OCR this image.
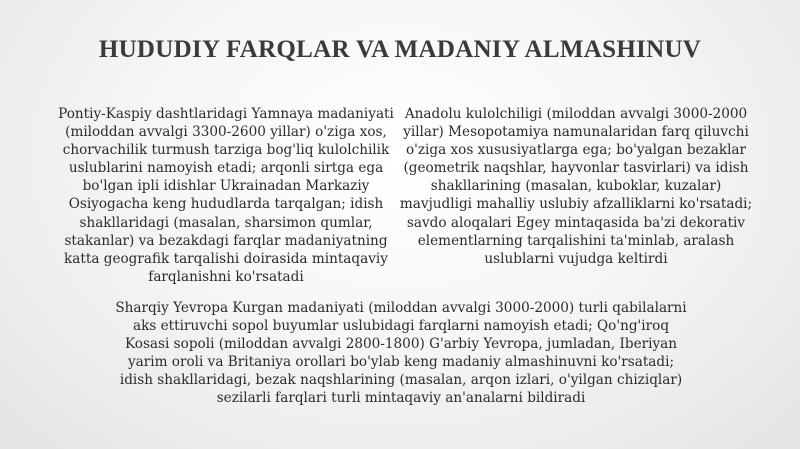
HUDUDIY FARQLAR VA MADANIY ALMASHINUV

Pontiy-Kaspiy dashtlaridagi Yamnaya madaniyati (miloddan avvalgi 3300-2600 yillar) o'ziga xos, chorvachilik turmush tarziga bog'liq kulolchilik uslublarini namoyish etadi; arqonli sirtga ega bo'lgan ipli idishlar Ukrainadan Markaziy Osiyogacha keng hududlarda tarqalgan; idish shakllaridagi (masalan, sharsimon qumlar, stakanlar) va bezakdagi farqlar madaniyatning katta geografik tarqalishi doirasida mintaqaviy farqlanishni ko'rsatadi

Anadolu kulolchiligi (miloddan avvalgi 3000-2000 yillar) Mesopotamiya namunalaridan farq qiluvchi o'ziga xos xususiyatlarga ega; bo'yalgan bezaklar (geometrik naqshlar, hayvonlar tasvirlari) va idish shakllarining (masalan, kuboklar, kuzalar) mavjudligi mahalliy uslubiy afzalliklarni ko'rsatadi; savdo aloqalari Egey mintaqasida ba'zi dekorativ elementlarning tarqalishini ta'minlab, aralash uslublarni vujudga keltirdi

Sharqiy Yevropa Kurgan madaniyati (miloddan avvalgi 3000-2000) turli qabilalarni aks ettiruvchi sopol buyumlar uslubidagi farqlarni namoyish etadi; Qo'ng'iroq Kosasi sopoli (miloddan avvalgi 2800-1800) G'arbiy Yevropa, jumladan, Iberiyan yarim oroli va Britaniya orollari bo'ylab keng madaniy almashinuvni ko'rsatadi; idish shakllaridagi, bezak naqshlarining (masalan, arqon izlari, o'yilgan chiziqlar) sezilarli farqlari turli mintaqaviy an'analarni bildiradi
